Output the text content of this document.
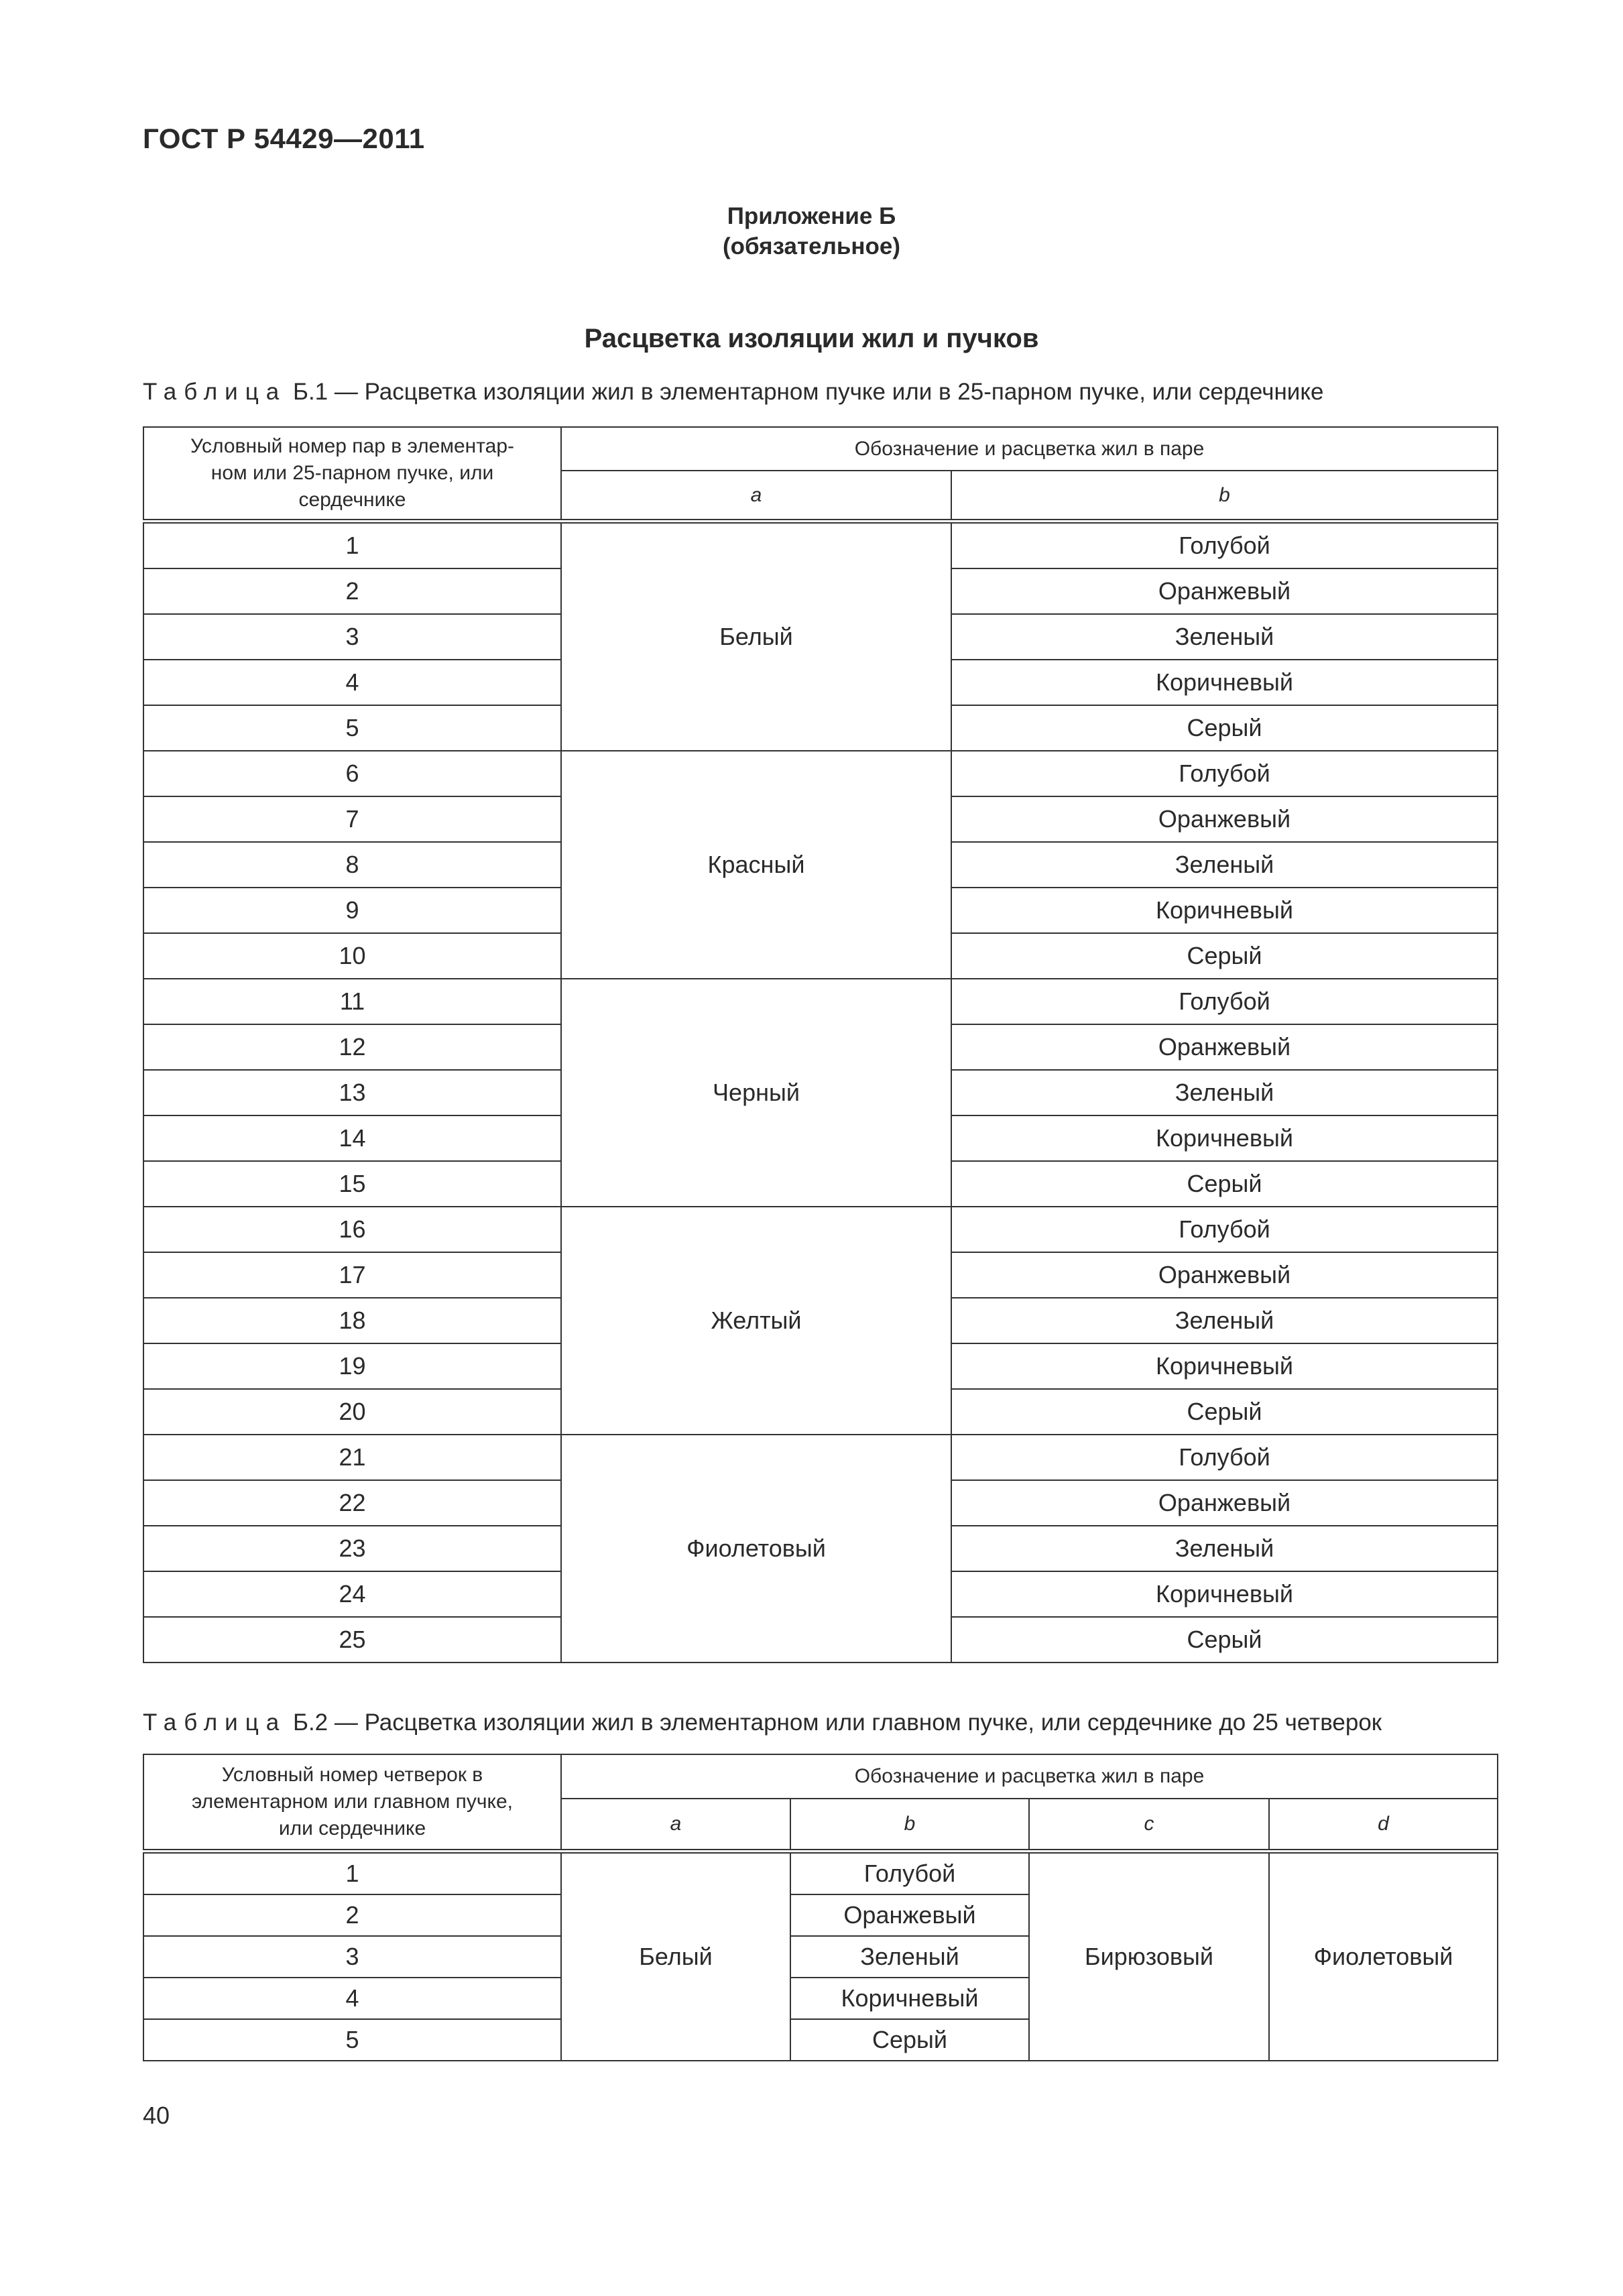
ГОСТ Р 54429—2011
Приложение Б
(обязательное)
Расцветка изоляции жил и пучков
Таблица Б.1 — Расцветка изоляции жил в элементарном пучке или в 25-парном пучке, или сердечнике
Условный номер пар в элементар-
ном или 25-парном пучке, или
сердечнике	Обозначение и расцветка жил в паре	
	a	b
1	Белый	Голубой
2		Оранжевый
3		Зеленый
4		Коричневый
5		Серый
6	Красный	Голубой
7		Оранжевый
8		Зеленый
9		Коричневый
10		Серый
11	Черный	Голубой
12		Оранжевый
13		Зеленый
14		Коричневый
15		Серый
16	Желтый	Голубой
17		Оранжевый
18		Зеленый
19		Коричневый
20		Серый
21	Фиолетовый	Голубой
22		Оранжевый
23		Зеленый
24		Коричневый
25		Серый
Таблица Б.2 — Расцветка изоляции жил в элементарном или главном пучке, или сердечнике до 25 четверок
Условный номер четверок в
элементарном или главном пучке,
или сердечнике	Обозначение и расцветка жил в паре			
	a	b	c	d
1	Белый	Голубой	Бирюзовый	Фиолетовый
2		Оранжевый		
3		Зеленый		
4		Коричневый		
5		Серый		
40
